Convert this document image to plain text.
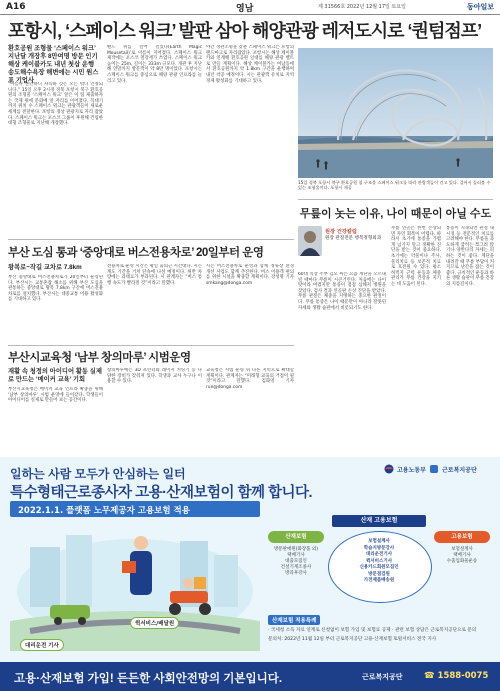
A16	영남	제 31566호 2022년 12월 17일 토요일	동아일보
포항시, ‘스페이스 워크’ 발판 삼아 해양관광 레저도시로 ‘퀀텀점프’
환호공원 조형물 ‘스페이스 워크’
지난달 개장후 8만여명 방문 인기
해상 케이블카도 내년 첫삽 운행
송도해수욕장 해변에는 시민 원스포 기업사
“아름다 볼만하니 자득하 것은 모든 뭐니 인정되니다.” 15일 오후 2시경 경북 포항시 북구 환호공원의 조형물 ‘스페이스 워크’ 앞은 이 팀 제출하자 는 국제 위에 문화예 앞 자리를 이어졌다. 꼭대기 까지 위치 수 스페이스 워크는 관광객들이 새로운 세계를 전달한다. 포항의 정상 관광지로 자리 잡았다. 스페이스 워크는 포스코 그룹이 후원해 건립한 대형 조형물로 지난해 개장했다.
밴드 위를 걸어 걸었다(Earth Magic Mousetail)’로 이름이 지어졌다. 스페이스 워크 제작에는 포스코 철강재가 쓰였다. 스페이스 워크 높이는 25m, 길이는 333m 규모다. 개관 후 지난해 연말까지 방문객이 약 8만 명이었다. 포항시는 스페이스 워크를 중심으로 해양 관광 인프라를 늘리고 있다.
야간 경관조명을 갖춘 스페이스 워크는 포항의 랜드마크로 자리잡았다. 포항시는 해상 케이블카와 연계해 환호공원 일대를 해양 관광 벨트로 만들 계획이다. 해상 케이블카는 여남동에서 환호공원까지 약 1.8km 구간을 운행하며 내년 착공 예정이다. 시는 관광객 유치로 지역 경제 활성화를 기대하고 있다.
15일 경북 포항시 북구 환호공원 철 구조물 스페이스 워크를 따라 관람객들이 걷고 있다. 걸어서 둘러볼 수 있는 조형물이다. 포항시 제공
무릎이 놋는 이유, 나이 때문이 아닐 수도
원장 건강칼럼
원장 관절전문 행복정형외과
60대 직장 주부 김모 씨는 요즘 계단을 오르내릴 때마다 무릎이 시큰거린다. 처음에는 나이 탓이라 여겼지만 통증이 점점 심해져 병원을 찾았다. 검사 결과 연골판 손상 진단을 받았다. 무릎 관절은 체중을 지탱하는 중요한 관절이다. 무릎 통증은 나이 때문만이 아니라 잘못된 자세와 생활 습관에서 비롯되기도 한다.
무릎 연골은 한번 손상되면 자연 회복이 어렵다. 따라서 초기에 통증을 가볍게 넘기지 말고 정확한 진단을 받는 것이 중요하다. 초기에는 약물이나 주사, 물리치료 등 보존적 치료로 호전될 수 있다. 평소 허벅지 근력 운동과 체중 관리가 무릎 건강을 지키는 데 도움이 된다.
통증이 지속되면 관절 내시경 등 전문적인 치료를 고려해야 한다. 무릎을 과도하게 굽히는 쪼그려 앉기나 양반다리 자세는 피하는 것이 좋다. 계단을 내려갈 때 무릎 부담이 커지므로 난간을 잡는 것이 좋다. 규칙적인 운동과 바른 생활 습관이 무릎 건강의 지름길이다.
부산 도심 통과 ‘중앙대로 버스전용차로’ 20일부터 운영
왕복로~작길 교차로 7.8km
부산 중앙대로 버스전용차로가 20일부터 운영된다. 부산시는 교통혼잡 해소를 위해 부산 도심을 관통하는 중앙대로 왕복 7.8km 구간에 버스전용차로를 설치했다. 부산시는 대중교통 이용 활성화를 기대하고 있다.
전용차로 운영 시간은 평일 출퇴근 시간대다. 시는 계도 기간을 거쳐 단속에 나설 예정이다. 위반 차량에는 과태료가 부과된다. 시 관계자는 “버스 통행 속도가 빨라질 것”이라고 말했다.
시는 버스전용차로 운영과 함께 정류장 환경 개선 사업도 함께 추진한다. 버스 이용객 편의를 위한 시설을 확충할 계획이다. 강성명 기자 smkang@donga.com
부산시교육청 ‘남부 창의마루’ 시범운영
재활 속 청정의 아이디어 활동 실제로 만드는 ‘메이커 교육’ 기회
부산시교육청은 메이커 교육 인프라 확충을 위해 ‘남부 창의마루’ 시범 운영에 들어갔다. 학생들이 아이디어를 실제로 만들어 보는 공간이다.
창의마루에는 3D 프린터와 레이저 커팅기 등 다양한 장비가 갖춰져 있다. 학생과 교사 누구나 이용할 수 있다.
교육청은 시범 운영 뒤 다른 지역으로 확대할 계획이다. 관계자는 “미래형 교육의 거점이 될 것”이라고 말했다. 김화영 기자 run@donga.com
일하는 사람 모두가 안심하는 일터
특수형태근로종사자 고용·산재보험이 함께 합니다.
고용노동부	근로복지공단
2022.1.1. 플랫폼 노무제공자 고용보험 적용
퀵서비스/배달원
대리운전 기사
산재 고용보험
산재보험	고용보험
방문판매원(화장품 외)
택배기사
대출모집인
건설기계조종사
방과후강사
보험설계사
학습지방문강사
대리운전기사
퀵서비스기사
신용카드회원모집인
방문점검원
가전제품배송원
보험설계사
택배기사
수출입화물운송
산재보험 적용특례
· 국세청 소득 자료 연계로 신청없이 보험 가입 및 보험료 공제 · 관련 보험 상담은 근로복지공단으로 문의
문의처: 2022년 11월 12일 부터 근로복지공단 고용·산재보험 토털서비스 전국 지사
고용·산재보험 가입! 든든한 사회안전망의 기본입니다.	근로복지공단	☎ 1588-0075
